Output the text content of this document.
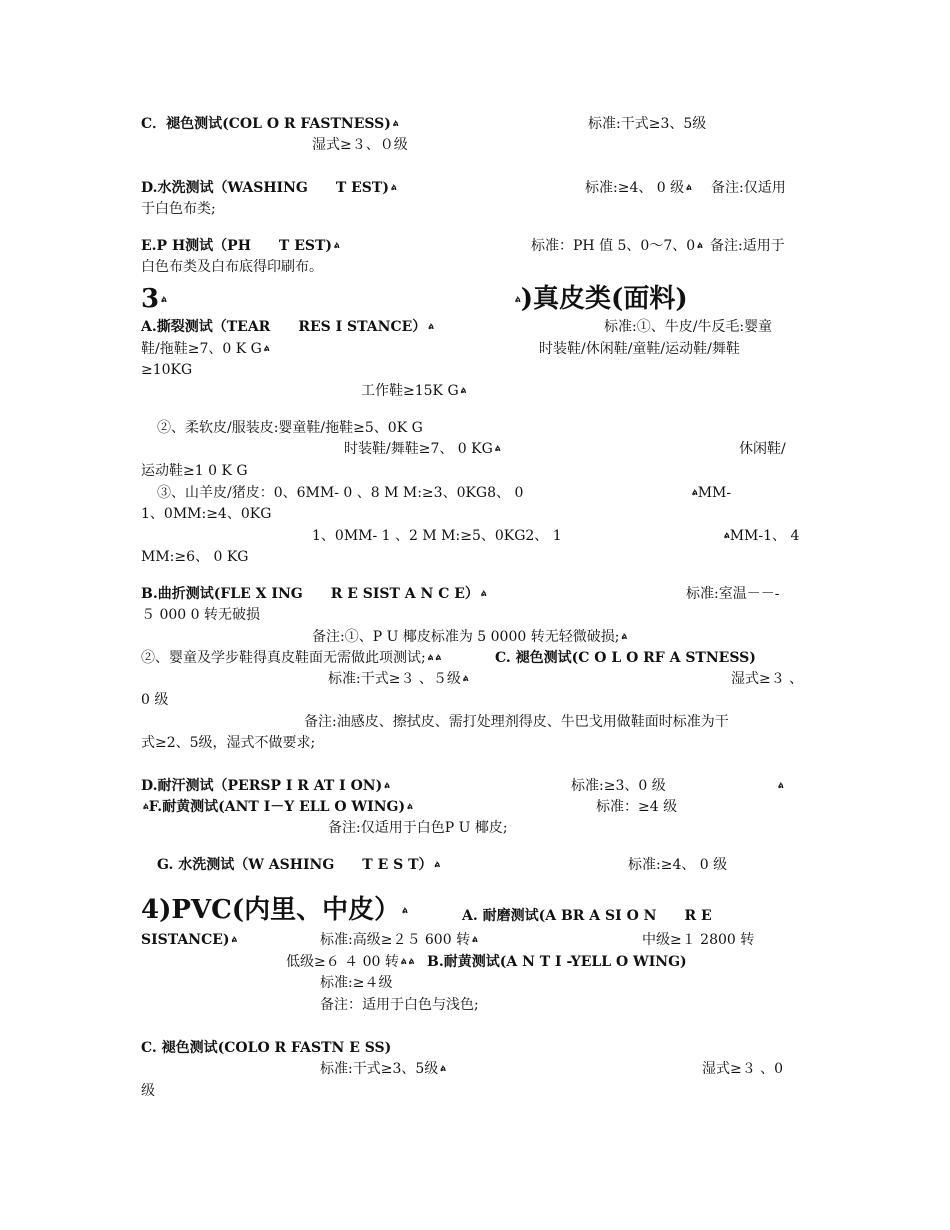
C．褪色测试(COL O R FASTNESS) ል	标准:干式≥3、5级
湿式≥３、０级
D.水洗测试（WASHING　　T EST) ል	标准:≥4、 0 级 ል 备注:仅适用
于白色布类;
E.P H测试（PH　　T EST) ል	标准：PH 值 5、0～7、0 ል 备注:适用于
白色布类及白布底得印刷布。
3 ል	ል)真皮类(面料)
A.撕裂测试（TEAR　　RES I STANCE） ል	标准:①、牛皮/牛反毛:婴童
鞋/拖鞋≥7、0 K G ል	时装鞋/休闲鞋/童鞋/运动鞋/舞鞋
≥10KG
工作鞋≥15K G ል
②、柔软皮/服装皮:婴童鞋/拖鞋≥5、0K G
时装鞋/舞鞋≥7、 0 KG ል	休闲鞋/
运动鞋≥1 0 K G
③、山羊皮/猪皮：0、6MM- 0 、8 M M:≥3、0KG8、 0	ልMM-
1、0MM:≥4、0KG
1、0MM- 1 、2 M M:≥5、0KG2、 1	ልMM-1、 4
MM:≥6、 0 KG
B.曲折测试(FLE X ING　　R E SIST A N C E） ል	标准:室温－－-
５ 000 0 转无破损
备注:①、P U 椰皮标准为 5 0000 转无轻微破损; ል
②、婴童及学步鞋得真皮鞋面无需做此项测试; ል ል	C. 褪色测试(C O L O RF A STNESS)
标准:干式≥３ 、５级 ል	湿式≥３ 、
0 级
备注:油感皮、擦拭皮、需打处理剂得皮、牛巴戈用做鞋面时标准为干
式≥2、5级，湿式不做要求;
D.耐汗测试（PERSP I R AT I ON) ል	标准:≥3、0 级	ል
ልF.耐黄测试(ANT I－Y ELL O WING) ል	标准：≥4 级
备注:仅适用于白色P U 椰皮;
G. 水洗测试（W ASHING　　T E S T） ል	标准:≥4、 0 级
4)PVC(内里、中皮） ል	A. 耐磨测试(A BR A SI O N　　R E
SISTANCE) ል	标准:高级≥２５ 600 转 ል	中级≥１ 2800 转
低级≥６ ４ 00 转 ል ል B.耐黄测试(A N T I -YELL O WING)
标准:≥４级
备注：适用于白色与浅色;
C. 褪色测试(COLO R FASTN E SS)
标准:干式≥3、5级 ል	湿式≥３ 、0
级
